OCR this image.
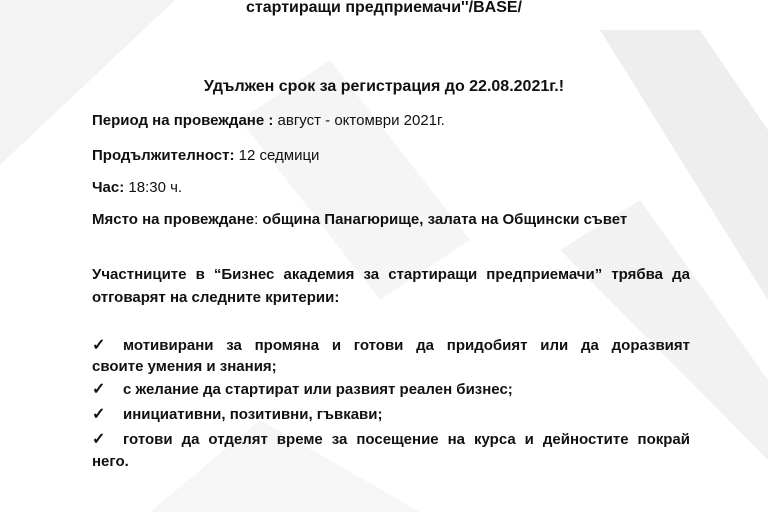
стартиращи предприемачи''/BASE/
Удължен срок за регистрация до 22.08.2021г.!
Период на провеждане : август - октомври 2021г.
Продължителност: 12 седмици
Час: 18:30 ч.
Място на провеждане: община Панагюрище, залата на Общински съвет
Участниците в “Бизнес академия за стартиращи предприемачи” трябва да
отговарят на следните критерии:
✓ мотивирани за промяна и готови да придобият или да доразвият
своите умения и знания;
✓ с желание да стартират или развият реален бизнес;
✓ инициативни, позитивни, гъвкави;
✓ готови да отделят време за посещение на курса и дейностите покрай
него.
